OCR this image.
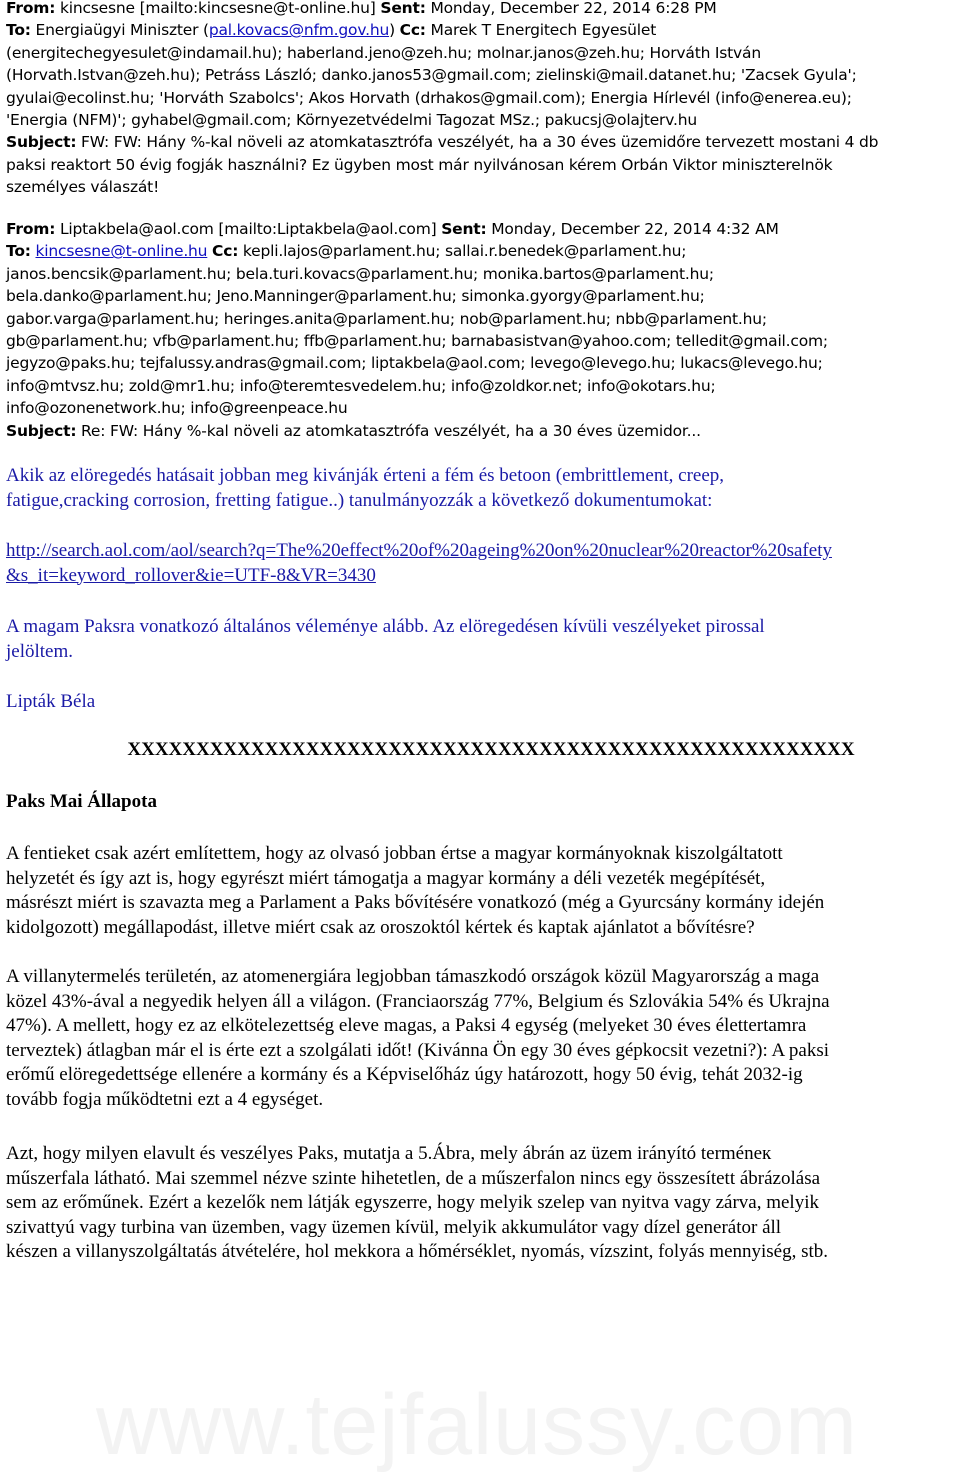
From: kincsesne [mailto:kincsesne@t-online.hu] Sent: Monday, December 22, 2014 6:28 PM
To: Energiaügyi Miniszter (pal.kovacs@nfm.gov.hu) Cc: Marek T Energitech Egyesület
(energitechegyesulet@indamail.hu); haberland.jeno@zeh.hu; molnar.janos@zeh.hu; Horváth István
(Horvath.Istvan@zeh.hu); Petráss László; danko.janos53@gmail.com; zielinski@mail.datanet.hu; 'Zacsek Gyula';
gyulai@ecolinst.hu; 'Horváth Szabolcs'; Akos Horvath (drhakos@gmail.com); Energia Hírlevél (info@enerea.eu);
'Energia (NFM)'; gyhabel@gmail.com; Környezetvédelmi Tagozat MSz.; pakucsj@olajterv.hu
Subject: FW: FW: Hány %-kal növeli az atomkatasztrófa veszélyét, ha a 30 éves üzemidőre tervezett mostani 4 db
paksi reaktort 50 évig fogják használni? Ez ügyben most már nyilvánosan kérem Orbán Viktor miniszterelnök
személyes válaszát!
From: Liptakbela@aol.com [mailto:Liptakbela@aol.com] Sent: Monday, December 22, 2014 4:32 AM
To: kincsesne@t-online.hu Cc: kepli.lajos@parlament.hu; sallai.r.benedek@parlament.hu;
janos.bencsik@parlament.hu; bela.turi.kovacs@parlament.hu; monika.bartos@parlament.hu;
bela.danko@parlament.hu; Jeno.Manninger@parlament.hu; simonka.gyorgy@parlament.hu;
gabor.varga@parlament.hu; heringes.anita@parlament.hu; nob@parlament.hu; nbb@parlament.hu;
gb@parlament.hu; vfb@parlament.hu; ffb@parlament.hu; barnabasistvan@yahoo.com; telledit@gmail.com;
jegyzo@paks.hu; tejfalussy.andras@gmail.com; liptakbela@aol.com; levego@levego.hu; lukacs@levego.hu;
info@mtvsz.hu; zold@mr1.hu; info@teremtesvedelem.hu; info@zoldkor.net; info@okotars.hu;
info@ozonenetwork.hu; info@greenpeace.hu
Subject: Re: FW: Hány %-kal növeli az atomkatasztrófa veszélyét, ha a 30 éves üzemidor...
Akik az elöregedés hatásait jobban meg kivánják érteni a fém és betoon (embrittlement, creep,
fatigue,cracking corrosion, fretting fatigue..) tanulmányozzák a következő dokumentumokat:
http://search.aol.com/aol/search?q=The%20effect%20of%20ageing%20on%20nuclear%20reactor%20safety
&s_it=keyword_rollover&ie=UTF-8&VR=3430
A magam Paksra vonatkozó általános véleménye alább. Az elöregedésen kívüli veszélyeket pirossal
jelöltem.
Lipták Béla
XXXXXXXXXXXXXXXXXXXXXXXXXXXXXXXXXXXXXXXXXXXXXXXXXXXXX
Paks Mai Állapota
A fentieket csak azért említettem, hogy az olvasó jobban értse a magyar kormányoknak kiszolgáltatott
helyzetét és így azt is, hogy egyrészt miért támogatja a magyar kormány a déli vezeték megépítését,
másrészt miért is szavazta meg a Parlament a Paks bővítésére vonatkozó (még a Gyurcsány kormány idején
kidolgozott) megállapodást, illetve miért csak az oroszoktól kértek és kaptak ajánlatot a bővítésre?
A villanytermelés területén, az atomenergiára legjobban támaszkodó országok közül Magyarország a maga
közel 43%-ával a negyedik helyen áll a világon. (Franciaország 77%, Belgium és Szlovákia 54% és Ukrajna
47%). A mellett, hogy ez az elkötelezettség eleve magas, a Paksi 4 egység (melyeket 30 éves élettertamra
terveztek) átlagban már el is érte ezt a szolgálati időt! (Kivánna Ön egy 30 éves gépkocsit vezetni?): A paksi
erőmű elöregedettsége ellenére a kormány és a Képviselőház úgy határozott, hogy 50 évig, tehát 2032-ig
tovább fogja működtetni ezt a 4 egységet.
Azt, hogy milyen elavult és veszélyes Paks, mutatja a 5.Ábra, mely ábrán az üzem irányító terméneк
műszerfala látható. Mai szemmel nézve szinte hihetetlen, de a műszerfalon nincs egy összesített ábrázolása
sem az erőműnek. Ezért a kezelők nem látják egyszerre, hogy melyik szelep van nyitva vagy zárva, melyik
szivattyú vagy turbina van üzemben, vagy üzemen kívül, melyik akkumulátor vagy dízel generátor áll
készen a villanyszolgáltatás átvételére, hol mekkora a hőmérséklet, nyomás, vízszint, folyás mennyiség, stb.
www.tejfalussy.com
